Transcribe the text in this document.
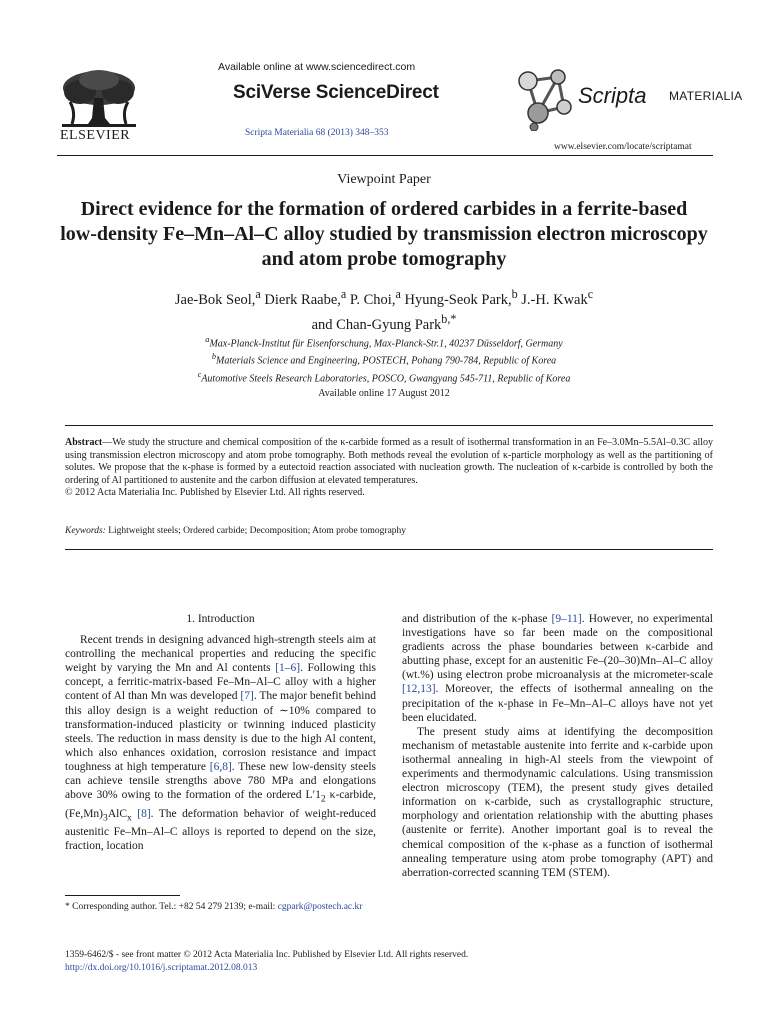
ELSEVIER
Available online at www.sciencedirect.com
SciVerse ScienceDirect
Scripta Materialia 68 (2013) 348–353
Scripta MATERIALIA
www.elsevier.com/locate/scriptamat
Viewpoint Paper
Direct evidence for the formation of ordered carbides in a ferrite-based low-density Fe–Mn–Al–C alloy studied by transmission electron microscopy and atom probe tomography
Jae-Bok Seol,$^a$ Dierk Raabe,$^a$ P. Choi,$^a$ Hyung-Seok Park,$^b$ J.-H. Kwak$^c$
and Chan-Gyung Park$^{b,*}$
$^a$Max-Planck-Institut für Eisenforschung, Max-Planck-Str.1, 40237 Düsseldorf, Germany
$^b$Materials Science and Engineering, POSTECH, Pohang 790-784, Republic of Korea
$^c$Automotive Steels Research Laboratories, POSCO, Gwangyang 545-711, Republic of Korea
Available online 17 August 2012
Abstract—We study the structure and chemical composition of the κ-carbide formed as a result of isothermal transformation in an Fe–3.0Mn–5.5Al–0.3C alloy using transmission electron microscopy and atom probe tomography. Both methods reveal the evolution of κ-particle morphology as well as the partitioning of solutes. We propose that the κ-phase is formed by a eutectoid reaction associated with nucleation growth. The nucleation of κ-carbide is controlled by both the ordering of Al partitioned to austenite and the carbon diffusion at elevated temperatures.
© 2012 Acta Materialia Inc. Published by Elsevier Ltd. All rights reserved.
Keywords: Lightweight steels; Ordered carbide; Decomposition; Atom probe tomography
1. Introduction

Recent trends in designing advanced high-strength steels aim at controlling the mechanical properties and reducing the specific weight by varying the Mn and Al contents [1–6]. Following this concept, a ferritic-matrix-based Fe–Mn–Al–C alloy with a higher content of Al than Mn was developed [7]. The major benefit behind this alloy design is a weight reduction of ∼10% compared to transformation-induced plasticity or twinning induced plasticity steels. The reduction in mass density is due to the high Al content, which also enhances oxidation, corrosion resistance and impact toughness at high temperature [6,8]. These new low-density steels can achieve tensile strengths above 780 MPa and elongations above 30% owing to the formation of the ordered $L'1_2$ κ-carbide, $(Fe,Mn)_3AlC_x$ [8]. The deformation behavior of weight-reduced austenitic Fe–Mn–Al–C alloys is reported to depend on the size, fraction, location

and distribution of the κ-phase [9–11]. However, no experimental investigations have so far been made on the compositional gradients across the phase boundaries between κ-carbide and abutting phase, except for an austenitic Fe–(20–30)Mn–Al–C alloy (wt.%) using electron probe microanalysis at the micrometer-scale [12,13]. Moreover, the effects of isothermal annealing on the precipitation of the κ-phase in Fe–Mn–Al–C alloys have not yet been elucidated.

The present study aims at identifying the decomposition mechanism of metastable austenite into ferrite and κ-carbide upon isothermal annealing in high-Al steels from the viewpoint of experiments and thermodynamic calculations. Using transmission electron microscopy (TEM), the present study gives detailed information on κ-carbide, such as crystallographic structure, morphology and orientation relationship with the abutting phases (austenite or ferrite). Another important goal is to reveal the chemical composition of the κ-phase as a function of isothermal annealing temperature using atom probe tomography (APT) and aberration-corrected scanning TEM (STEM).

* Corresponding author. Tel.: +82 54 279 2139; e-mail: cgpark@postech.ac.kr
1359-6462/$ - see front matter © 2012 Acta Materialia Inc. Published by Elsevier Ltd. All rights reserved.
http://dx.doi.org/10.1016/j.scriptamat.2012.08.013
